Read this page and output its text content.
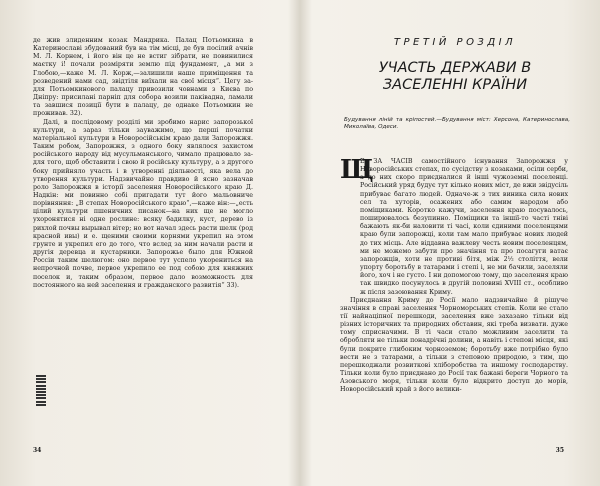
де жив злиденним козак Мандрика. Палац Потьомкина в Катеринославі збудований був на тім місці, де був посілий ачнів М. Л. Корнем, і його він це не встиг зібрати, не повинилися маєтку і! почали розміряти землю під фундамент, „а ми з Глобою,—каже М. Л. Корж,—залишили наше приміщення та розведений нами сад, звідтіля виїхали на свої місця“. Цегу за-для Потьомкинового палацу привозили човнами з Києва по Дніпру: присилані парніп для собора возили паківадна, ламали та завшися позиції бути в палацу, де однаке Потьомкин не проживав. 32).

Далі, в послідовому розділі ми зробимо нарис запорозької культури, а зараз тільки зауважимо, що перші початки матеріальної культури в Новоросійськім краю дали Запорожжя. Таким робом, Запорожжя, з одного боку являлося захистом російського народу від мусульманського, чимало працювало за-для того, щоб обставити і свою й російську культуру, а з другого боку прийняло участь і в утворенні діяльності, яка вела до утворення культури. Надзвичайно правдиво й ясно зазначав роло Запорожжя в історії заселення Новоросійського краю Д. Надкін: ми повинно собі пригадати тут його мальовниче порівняння: „В степах Новоросійського краю“,—каже він:—„есть цілий культури пшеничних писанок—на них ще не могло ухоронятися ні одне рослине: всяку бадилку, куст, дерево із рихлой почвы вырывал вітер; но вот начал здесь расти шелк (род красной ивы) и е. щеними своими корнями укрепил на этом грунте и укрепил его до того, что вслед за ним начали расти и другія деревца и кустарники. Запорожье было для Южной Россіи таким шелюгом: оно первое тут успело укорениться на непрочной почве, первое укрепило ее под собою для княжних поселок и, таким образом, первое дало возможность для постоянного на ней заселення и гражданского развитія“ 33).

34
ТРЕТІЙ РОЗДІЛ
УЧАСТЬ ДЕРЖАВИ В
ЗАСЕЛЕННІ КРАЇНИ
Будування ліній та кріпостей.—Будування міст: Херсона, Катеринослава, Миколаїва, Одеси.
Щ

Е ЗА ЧАСІВ самостійного існування Запорожжя у Новоросійських степах, по сусідству з козаками, осіли серби, а до них скоро приєдналися й інші чужоземні поселенці. Російський уряд будує тут кілько нових міст, де вжи звідусіль прибуває багато людей. Одначе-ж з тих виника сила нових сел та хуторів, осажених або самим народом або поміщиками. Коротко кажучи, заселення краю посувалось, поширювалось безупинно. Поміщики та іншії-то часті тніві бажають як-би наловити ті часі, коли єдиними поселенцями краю були запорожці, коли там мало прибуває нових людей до тих місць. Але віддавна важлеву честь новим поселенцям, ми не можемо забути про значіння та про посагуги ватає запорожців, хоти не противі бітя, між 2½ століття, вели упорту боротьбу в татарами і степі і, не ми бачили, заселяли його, хоч і не густо. І ни допомогою тому, що заселення краю так швидко посунулось в другій половині XVIII ст., особливо ж після зазоювання Криму.

Приєднання Криму до Росії мало надзвичайне й рішуче значіння в справі заселення Чорноморських степів. Коли не стало тії найнаціпної перешкоди, заселення вже захазано тільки від різних історичних та природних обставин, які треба визвати. дуже тому сприсначими. В ті часи стало можливим заселити та обробляти не тільки понадрічні долини, а навіть і степові місця, які були покрите глибоким чорноземом; боротьбу вже потрібно було вести не з татарами, а тільки з степовою природою, з тим, що перешкоджали розвиткові хліборобства та иншому господарству. Тільки коли було приєднано до Росії так бажані береги Чорного та Азовського моря, тільки коли було відкрито доступ до морів, Новоросійський край з його велики-

35
